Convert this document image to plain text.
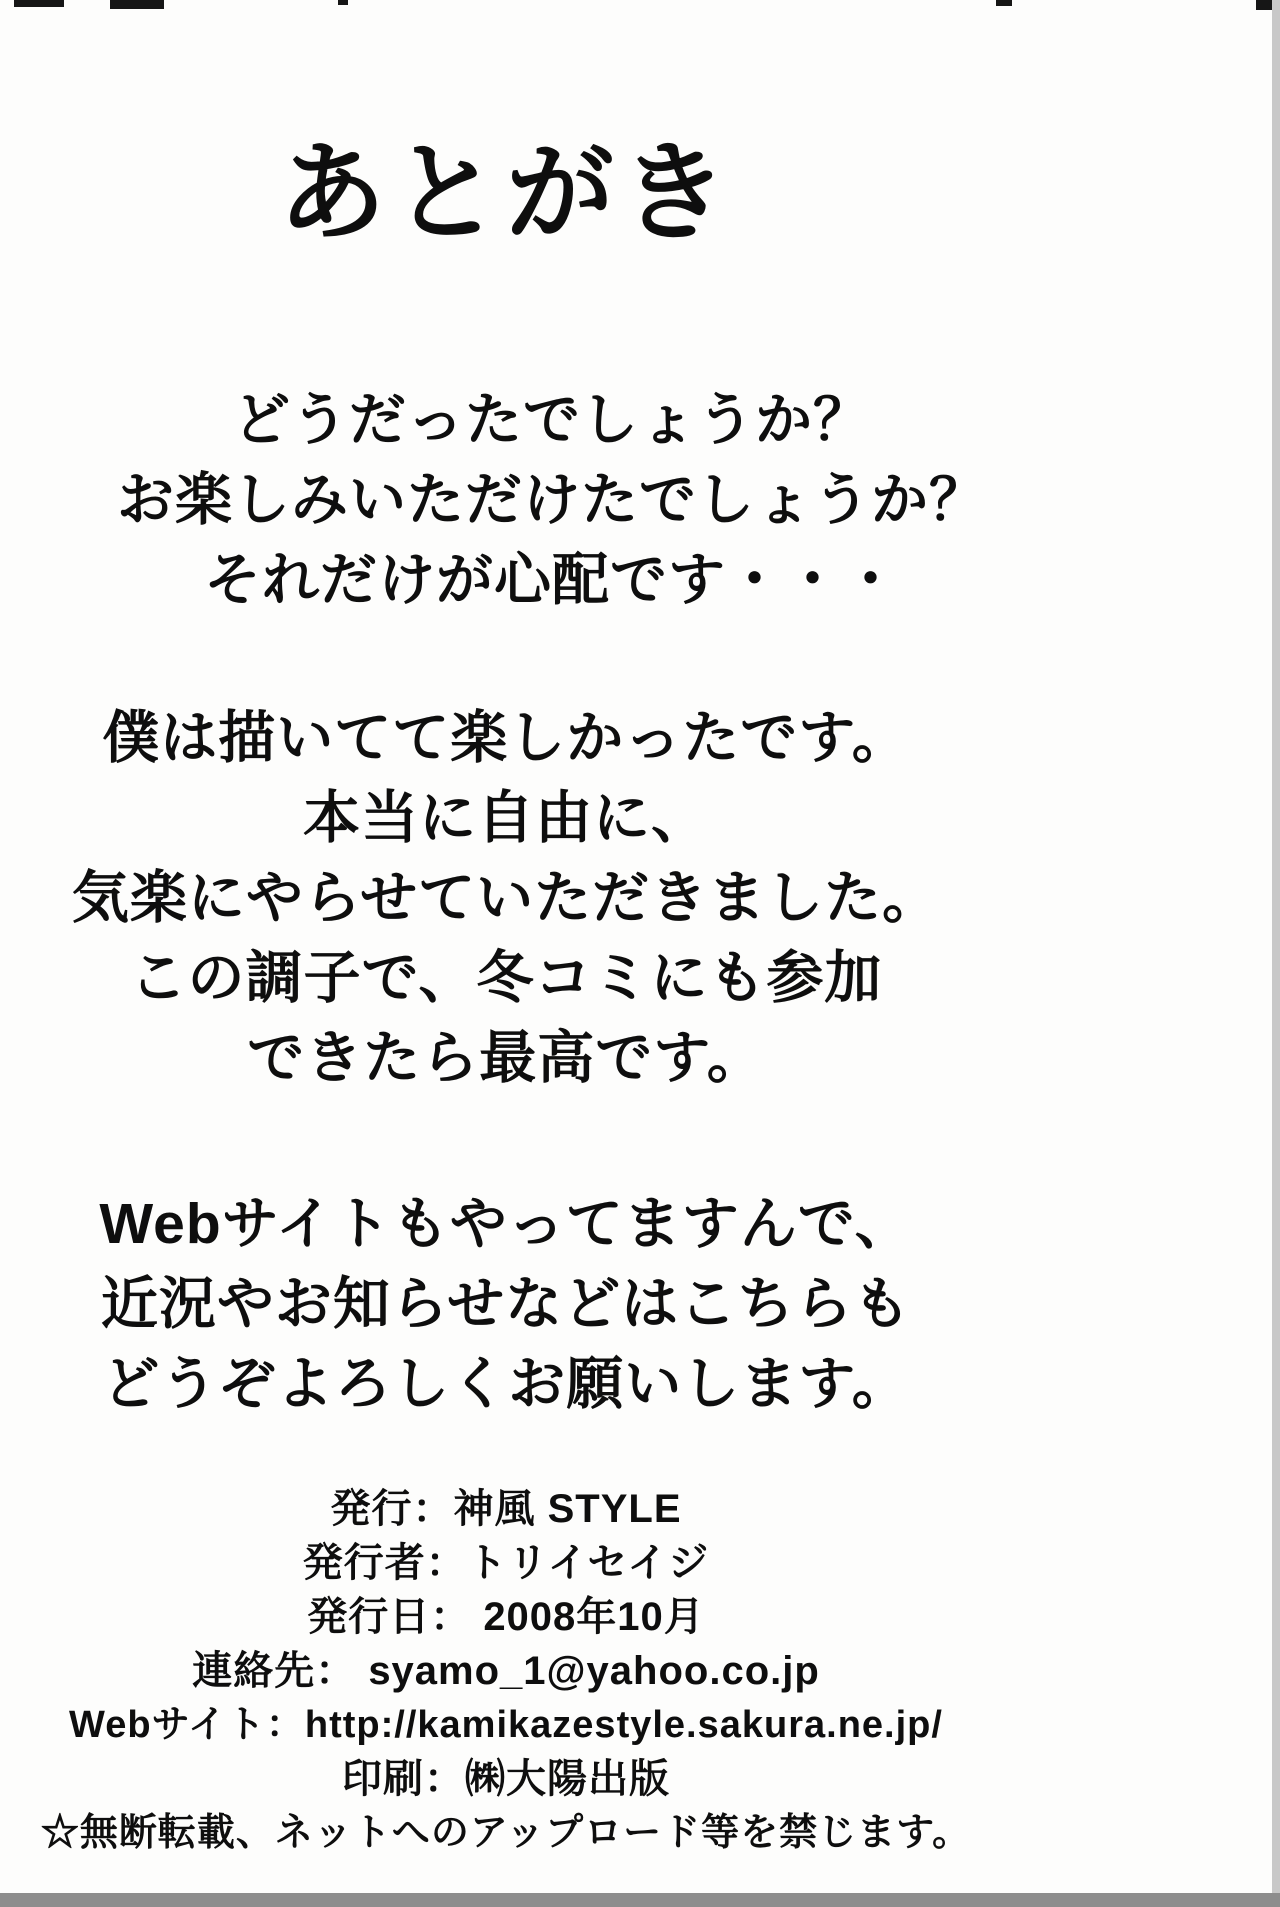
あとがき
どうだったでしょうか？
お楽しみいただけたでしょうか？
それだけが心配です・・・
僕は描いてて楽しかったです。
本当に自由に、
気楽にやらせていただきました。
この調子で、冬コミにも参加
できたら最高です。
Webサイトもやってますんで、
近況やお知らせなどはこちらも
どうぞよろしくお願いします。
発行：神風 STYLE
発行者：トリイセイジ
発行日： 2008年10月
連絡先： syamo_1@yahoo.co.jp
Webサイト：http://kamikazestyle.sakura.ne.jp/
印刷：㈱大陽出版
☆無断転載、ネットへのアップロード等を禁じます。
